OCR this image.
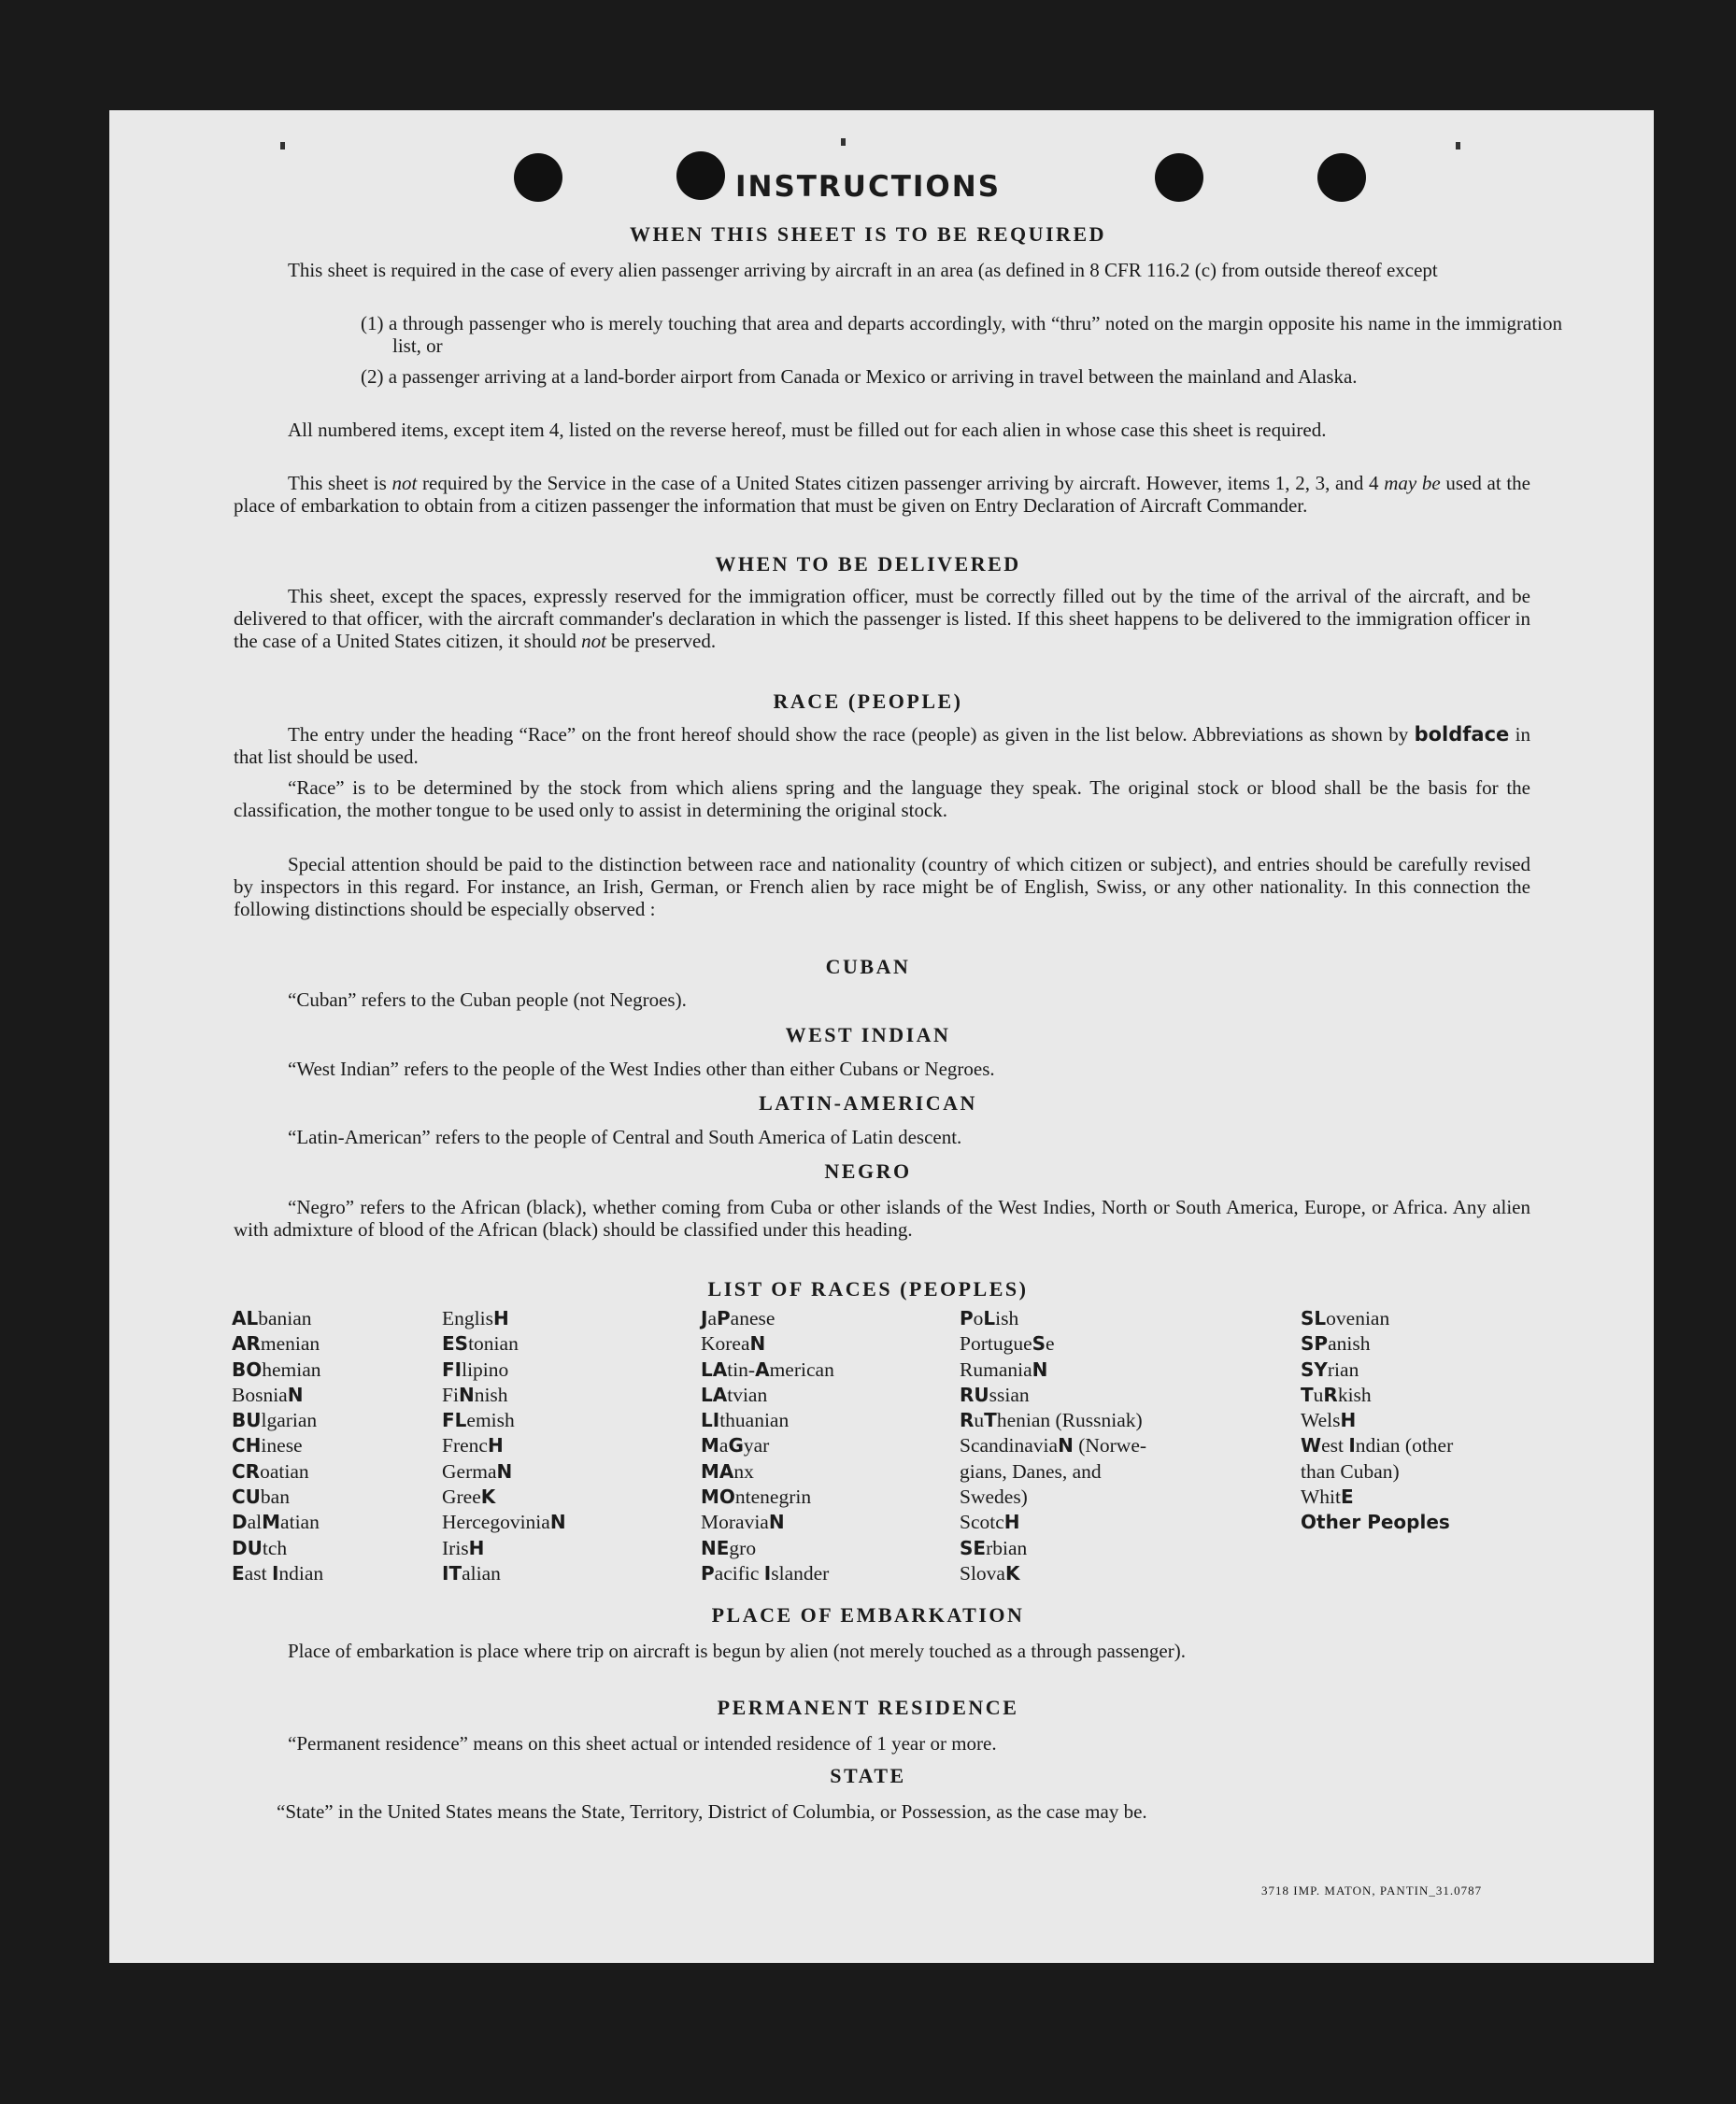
INSTRUCTIONS
WHEN THIS SHEET IS TO BE REQUIRED

This sheet is required in the case of every alien passenger arriving by aircraft in an area (as defined in 8 CFR 116.2 (c) from outside thereof except

(1) a through passenger who is merely touching that area and departs accordingly, with “thru” noted on the margin opposite his name in the immigration list, or

(2) a passenger arriving at a land-border airport from Canada or Mexico or arriving in travel between the mainland and Alaska.

All numbered items, except item 4, listed on the reverse hereof, must be filled out for each alien in whose case this sheet is required.

This sheet is not required by the Service in the case of a United States citizen passenger arriving by aircraft. However, items 1, 2, 3, and 4 may be used at the place of embarkation to obtain from a citizen passenger the information that must be given on Entry Declaration of Aircraft Commander.

WHEN TO BE DELIVERED

This sheet, except the spaces, expressly reserved for the immigration officer, must be correctly filled out by the time of the arrival of the aircraft, and be delivered to that officer, with the aircraft commander's declaration in which the passenger is listed. If this sheet happens to be delivered to the immigration officer in the case of a United States citizen, it should not be preserved.

RACE (PEOPLE)

The entry under the heading “Race” on the front hereof should show the race (people) as given in the list below. Abbreviations as shown by boldface in that list should be used.

“Race” is to be determined by the stock from which aliens spring and the language they speak. The original stock or blood shall be the basis for the classification, the mother tongue to be used only to assist in determining the original stock.

Special attention should be paid to the distinction between race and nationality (country of which citizen or subject), and entries should be carefully revised by inspectors in this regard. For instance, an Irish, German, or French alien by race might be of English, Swiss, or any other nationality. In this connection the following distinctions should be especially observed :

CUBAN

“Cuban” refers to the Cuban people (not Negroes).

WEST INDIAN

“West Indian” refers to the people of the West Indies other than either Cubans or Negroes.

LATIN-AMERICAN

“Latin-American” refers to the people of Central and South America of Latin descent.

NEGRO

“Negro” refers to the African (black), whether coming from Cuba or other islands of the West Indies, North or South America, Europe, or Africa. Any alien with admixture of blood of the African (black) should be classified under this heading.

LIST OF RACES (PEOPLES)
ALbanian
ARmenian
BOhemian
BosniaN
BUlgarian
CHinese
CRoatian
CUban
DalMatian
DUtch
East Indian
EnglisH
EStonian
FIlipino
FiNnish
FLemish
FrencH
GermaN
GreeK
HercegoviniaN
IrisH
ITalian
JaPanese
KoreaN
LAtin-American
LAtvian
LIthuanian
MaGyar
MAnx
MOntenegrin
MoraviaN
NEgro
Pacific Islander
PoLish
PortugueSe
RumaniaN
RUssian
RuThenian (Russniak)
ScandinaviaN (Norwe-
gians, Danes, and
Swedes)
ScotcH
SErbian
SlovaK
SLovenian
SPanish
SYrian
TuRkish
WelsH
West Indian (other
than Cuban)
WhitE
Other Peoples
PLACE OF EMBARKATION

Place of embarkation is place where trip on aircraft is begun by alien (not merely touched as a through passenger).

PERMANENT RESIDENCE

“Permanent residence” means on this sheet actual or intended residence of 1 year or more.

STATE

“State” in the United States means the State, Territory, District of Columbia, or Possession, as the case may be.

3718 IMP. MATON, PANTIN_31.0787
